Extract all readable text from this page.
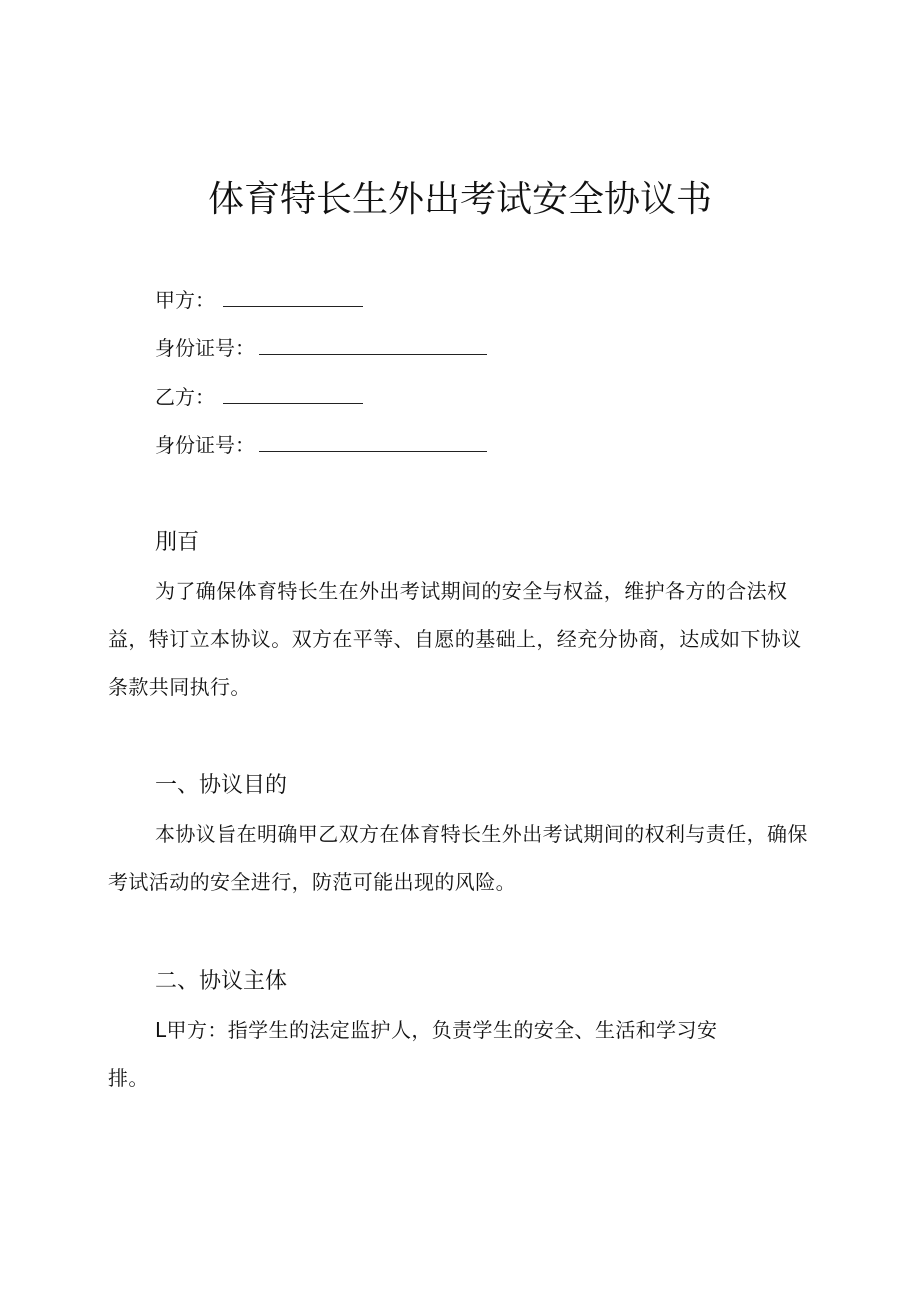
体育特长生外出考试安全协议书
甲方：
身份证号：
乙方：
身份证号：
刖百

为了确保体育特长生在外出考试期间的安全与权益，维护各方的合法权益，特订立本协议。双方在平等、自愿的基础上，经充分协商，达成如下协议条款共同执行。

一、协议目的

本协议旨在明确甲乙双方在体育特长生外出考试期间的权利与责任，确保考试活动的安全进行，防范可能出现的风险。

二、协议主体

L甲方：指学生的法定监护人，负责学生的安全、生活和学习安排。
